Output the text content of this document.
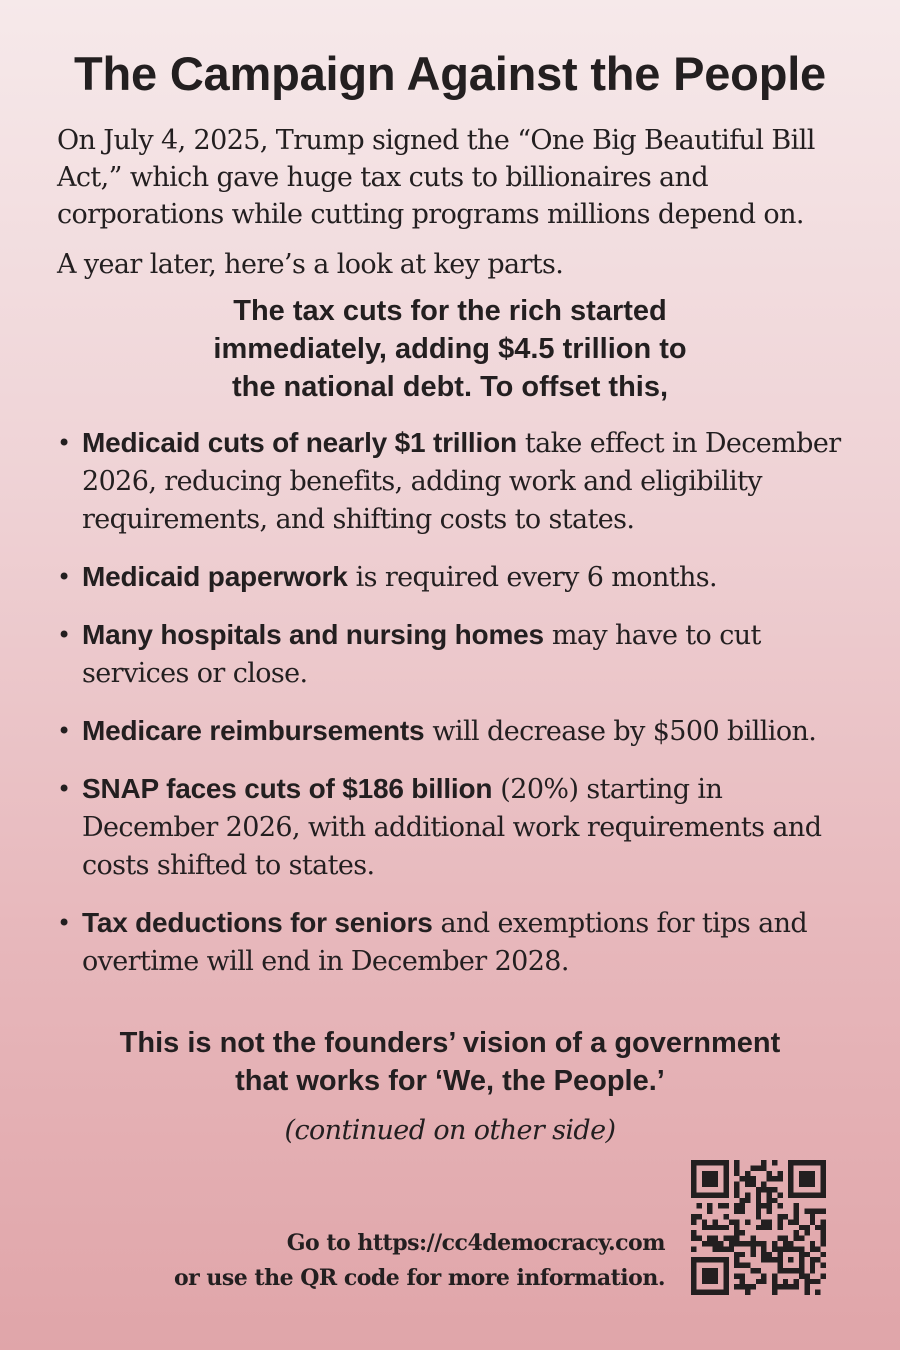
The Campaign Against the People

On July 4, 2025, Trump signed the “One Big Beautiful Bill Act,” which gave huge tax cuts to billionaires and corporations while cutting programs millions depend on.

A year later, here’s a look at key parts.

The tax cuts for the rich started
immediately, adding $4.5 trillion to
the national debt. To offset this,

• Medicaid cuts of nearly $1 trillion take effect in December 2026, reducing benefits, adding work and eligibility requirements, and shifting costs to states.
• Medicaid paperwork is required every 6 months.
• Many hospitals and nursing homes may have to cut services or close.
• Medicare reimbursements will decrease by $500 billion.
• SNAP faces cuts of $186 billion (20%) starting in December 2026, with additional work requirements and costs shifted to states.
• Tax deductions for seniors and exemptions for tips and overtime will end in December 2028.

This is not the founders’ vision of a government
that works for ‘We, the People.’

(continued on other side)

Go to https://cc4democracy.com
or use the QR code for more information.
